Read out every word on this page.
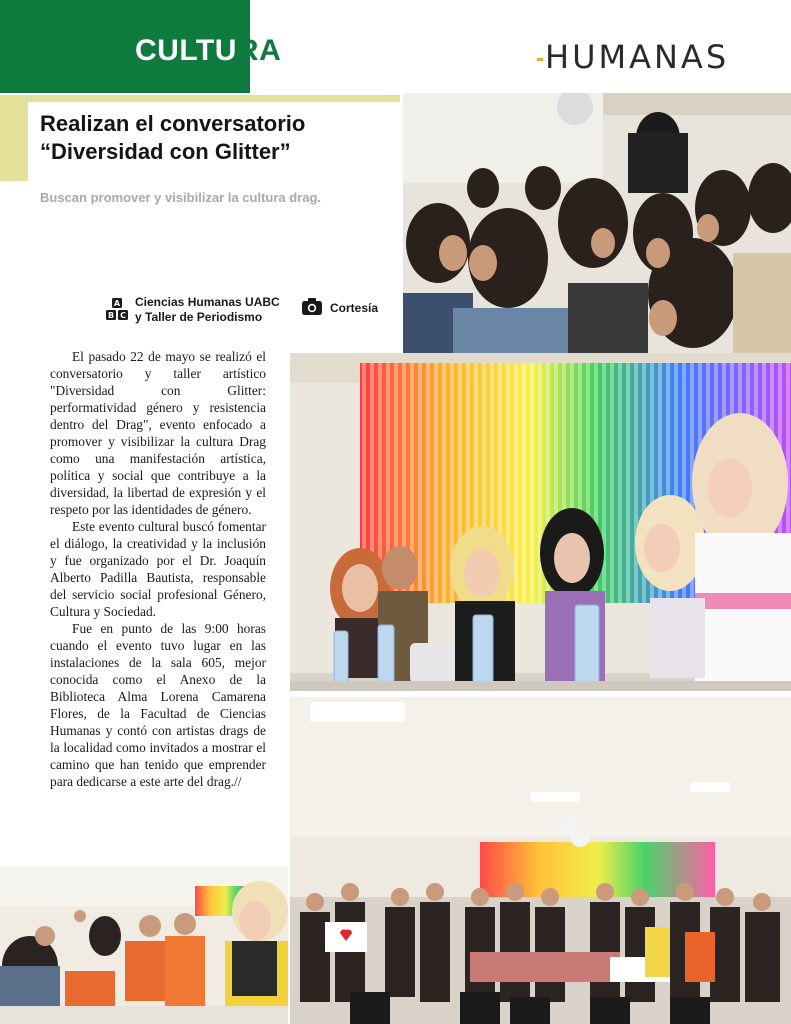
CULTURA	HUMANAS
Realizan el conversatorio
“Diversidad con Glitter”
Buscan promover y visibilizar la cultura drag.
A
B C
Ciencias Humanas UABC
y Taller de Periodismo
Cortesía

El pasado 22 de mayo se realizó el conversatorio y taller artístico "Diversidad con Glitter: performatividad género y resistencia dentro del Drag", evento enfocado a promover y visibilizar la cultura Drag como una manifestación artística, política y social que contribuye a la diversidad, la libertad de expresión y el respeto por las identidades de género.

Este evento cultural buscó fomentar el diálogo, la creatividad y la inclusión y fue organizado por el Dr. Joaquín Alberto Padilla Bautista, responsable del servicio social profesional Género, Cultura y Sociedad.

Fue en punto de las 9:00 horas cuando el evento tuvo lugar en las instalaciones de la sala 605, mejor conocida como el Anexo de la Biblioteca Alma Lorena Camarena Flores, de la Facultad de Ciencias Humanas y contó con artistas drags de la localidad como invitados a mostrar el camino que han tenido que emprender para dedicarse a este arte del drag.//
